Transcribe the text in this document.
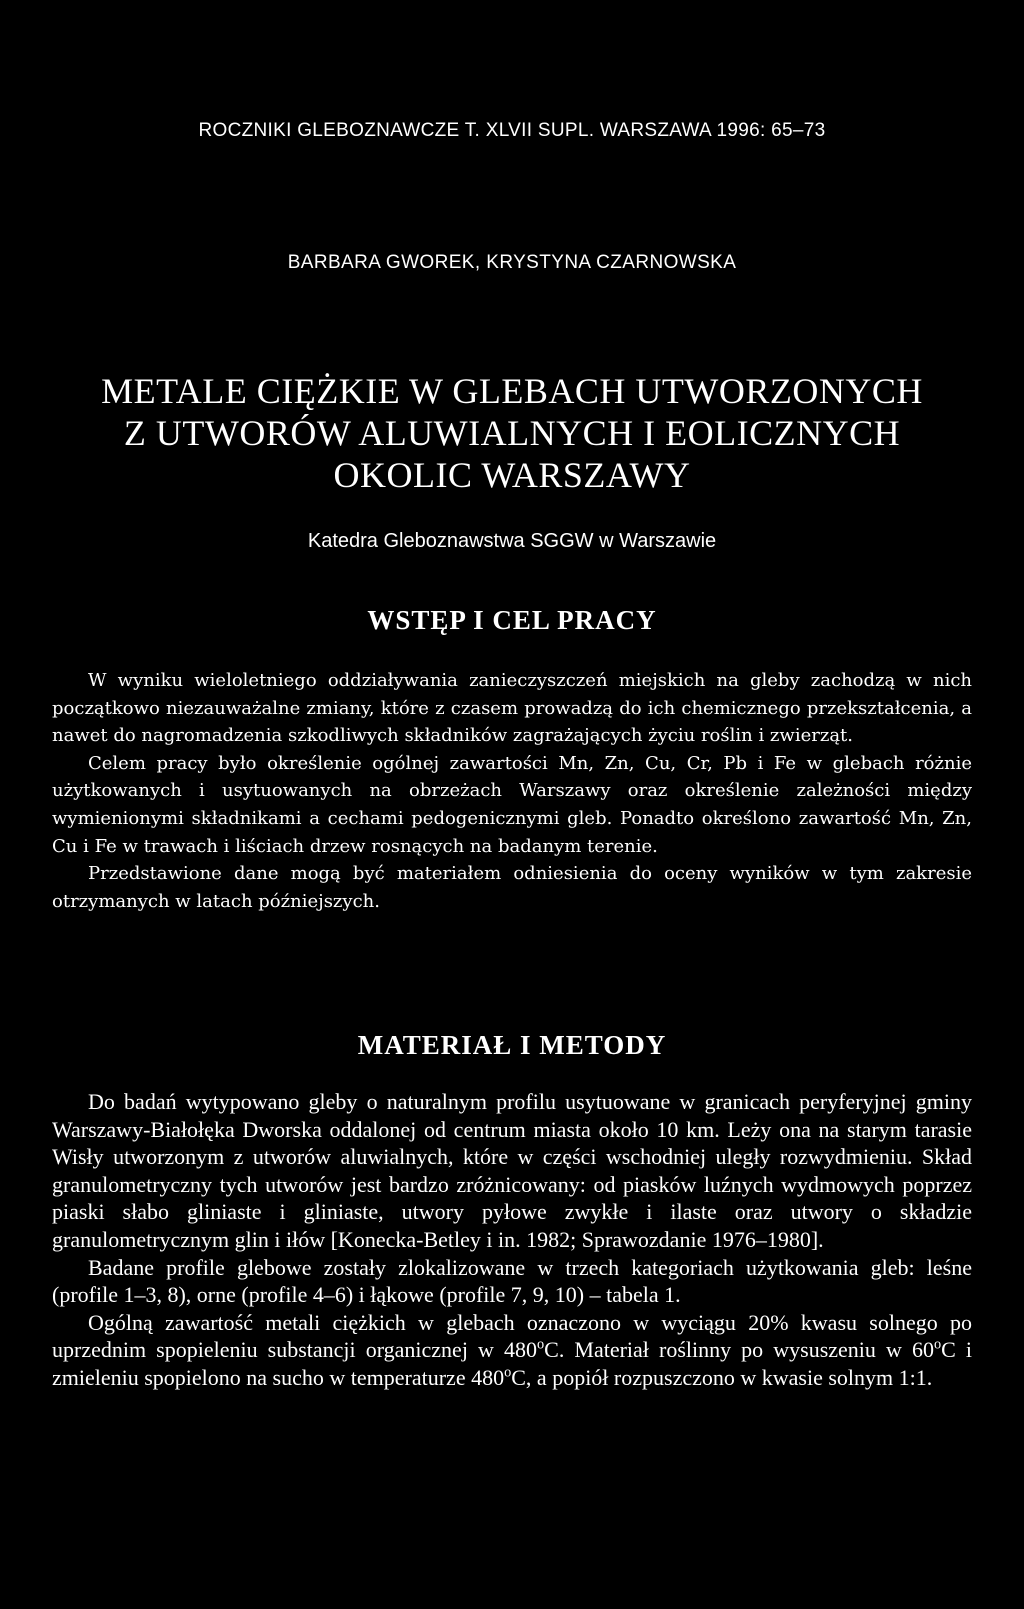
ROCZNIKI GLEBOZNAWCZE T. XLVII SUPL. WARSZAWA 1996: 65–73
BARBARA GWOREK, KRYSTYNA CZARNOWSKA
METALE CIĘŻKIE W GLEBACH UTWORZONYCH
Z UTWORÓW ALUWIALNYCH I EOLICZNYCH
OKOLIC WARSZAWY
Katedra Gleboznawstwa SGGW w Warszawie
WSTĘP I CEL PRACY

W wyniku wieloletniego oddziaływania zanieczyszczeń miejskich na gleby zachodzą w nich początkowo niezauważalne zmiany, które z czasem prowadzą do ich chemicznego przekształcenia, a nawet do nagromadzenia szkodliwych składników zagrażających życiu roślin i zwierząt.

Celem pracy było określenie ogólnej zawartości Mn, Zn, Cu, Cr, Pb i Fe w glebach różnie użytkowanych i usytuowanych na obrzeżach Warszawy oraz określenie zależności między wymienionymi składnikami a cechami pedogenicznymi gleb. Ponadto określono zawartość Mn, Zn, Cu i Fe w trawach i liściach drzew rosnących na badanym terenie.

Przedstawione dane mogą być materiałem odniesienia do oceny wyników w tym zakresie otrzymanych w latach późniejszych.

MATERIAŁ I METODY

Do badań wytypowano gleby o naturalnym profilu usytuowane w granicach peryferyjnej gminy Warszawy-Białołęka Dworska oddalonej od centrum miasta około 10 km. Leży ona na starym tarasie Wisły utworzonym z utworów aluwialnych, które w części wschodniej uległy rozwydmieniu. Skład granulometryczny tych utworów jest bardzo zróżnicowany: od piasków luźnych wydmowych poprzez piaski słabo gliniaste i gliniaste, utwory pyłowe zwykłe i ilaste oraz utwory o składzie granulometrycznym glin i iłów [Konecka-Betley i in. 1982; Sprawozdanie 1976–1980].

Badane profile glebowe zostały zlokalizowane w trzech kategoriach użytkowania gleb: leśne (profile 1–3, 8), orne (profile 4–6) i łąkowe (profile 7, 9, 10) – tabela 1.

Ogólną zawartość metali ciężkich w glebach oznaczono w wyciągu 20% kwasu solnego po uprzednim spopieleniu substancji organicznej w 480$^o$C. Materiał roślinny po wysuszeniu w 60$^o$C i zmieleniu spopielono na sucho w temperaturze 480$^o$C, a popiół rozpuszczono w kwasie solnym 1:1.
